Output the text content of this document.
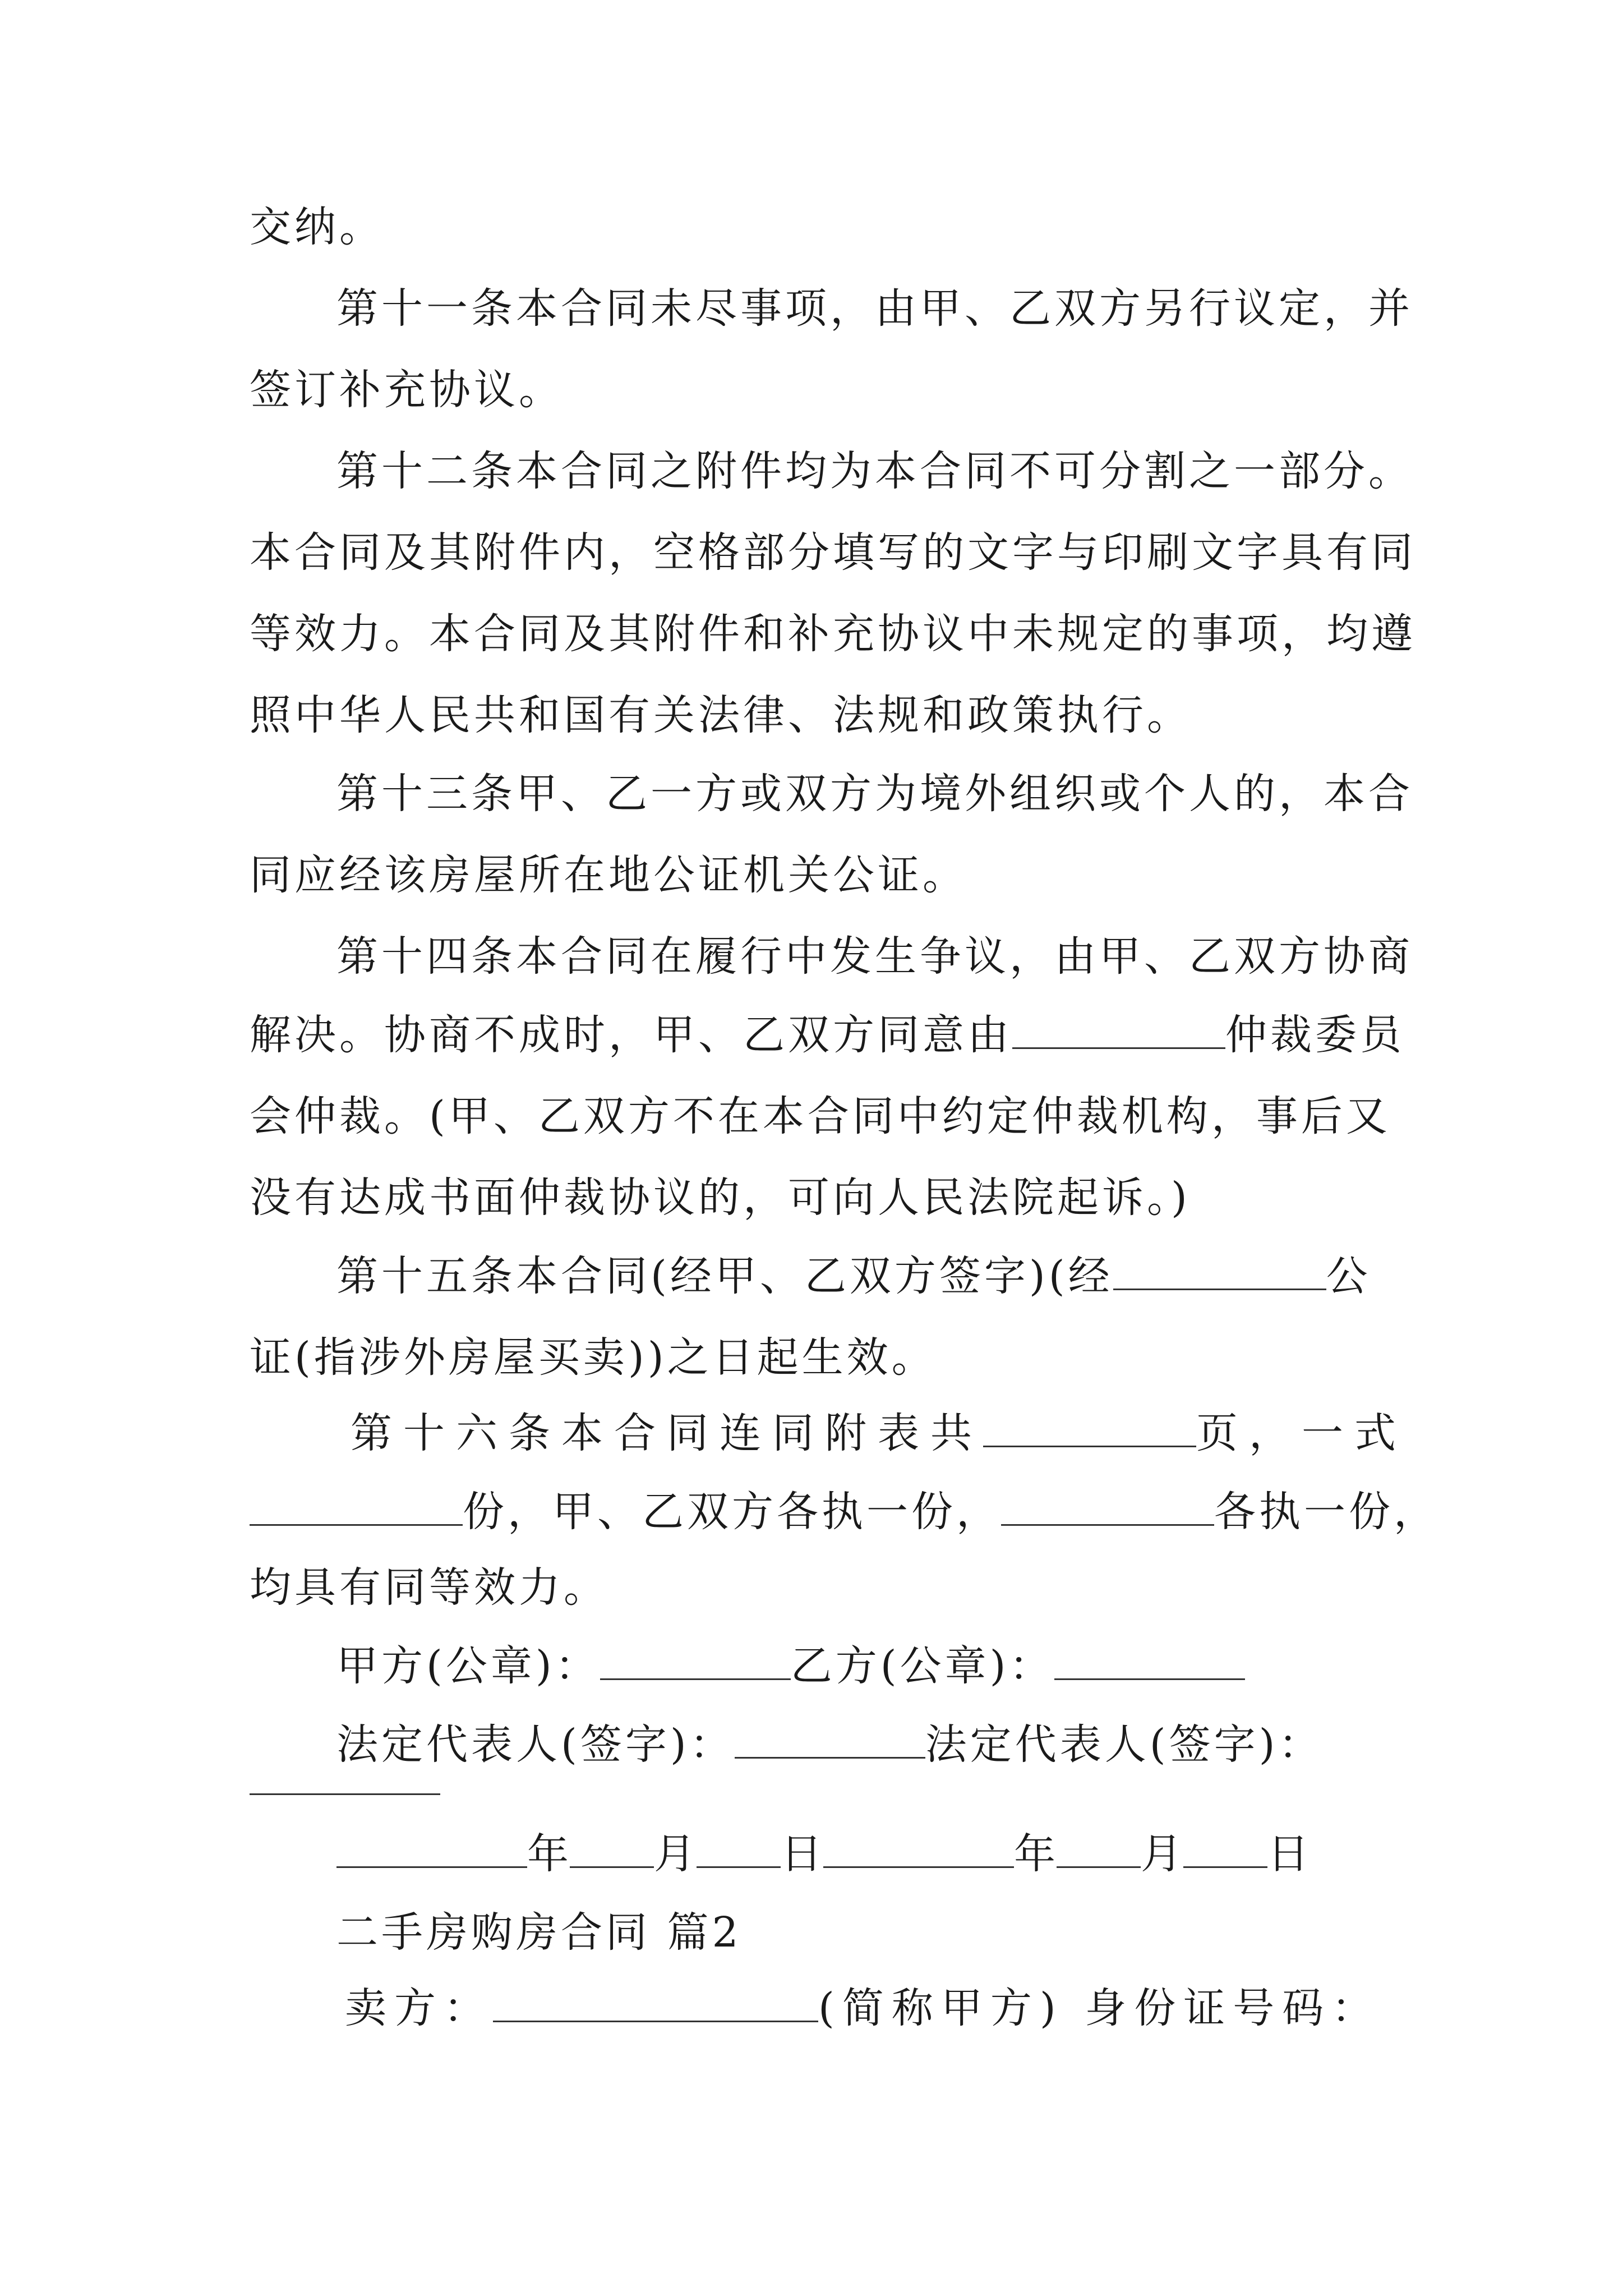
交纳。
第十一条本合同未尽事项，由甲、乙双方另行议定，并
签订补充协议。
第十二条本合同之附件均为本合同不可分割之一部分。
本合同及其附件内，空格部分填写的文字与印刷文字具有同
等效力。本合同及其附件和补充协议中未规定的事项，均遵
照中华人民共和国有关法律、法规和政策执行。
第十三条甲、乙一方或双方为境外组织或个人的，本合
同应经该房屋所在地公证机关公证。
第十四条本合同在履行中发生争议，由甲、乙双方协商
解决。协商不成时，甲、乙双方同意由	仲裁委员
会仲裁。(甲、乙双方不在本合同中约定仲裁机构，事后又
没有达成书面仲裁协议的，可向人民法院起诉。)
第十五条本合同(经甲、乙双方签字)(经	公
证(指涉外房屋买卖))之日起生效。
第十六条本合同连同附表共	页，一式
份，甲、乙双方各执一份，	各执一份，
均具有同等效力。
甲方(公章)：	乙方(公章)：
法定代表人(签字)：	法定代表人(签字)：
年 月 日	年 月 日
二手房购房合同 篇2
卖方：	(简称甲方) 身份证号码：
